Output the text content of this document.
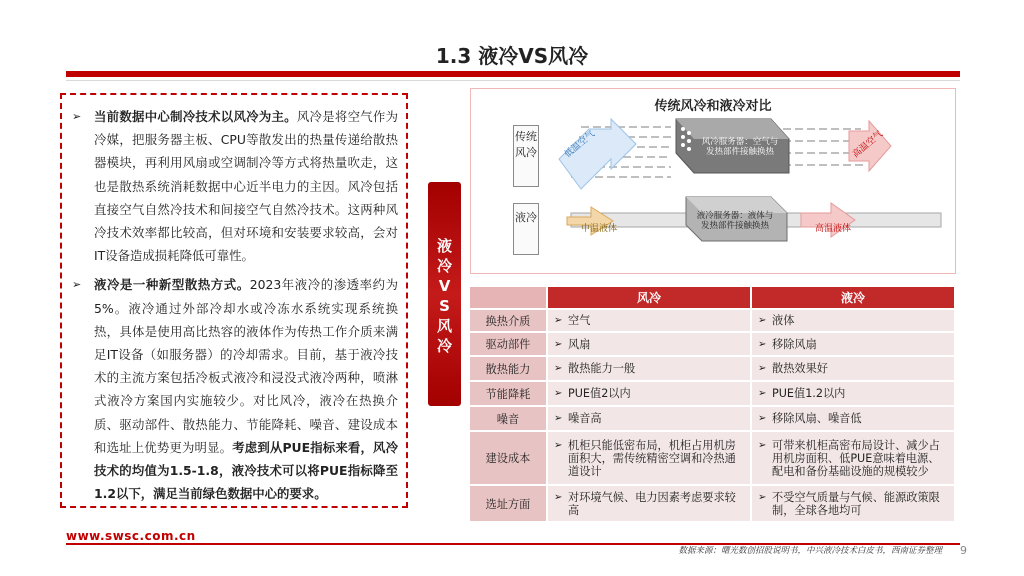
1.3 液冷VS风冷
➢ 当前数据中心制冷技术以风冷为主。风冷是将空气作为冷媒，把服务器主板、CPU等散发出的热量传递给散热器模块，再利用风扇或空调制冷等方式将热量吹走，这也是散热系统消耗数据中心近半电力的主因。风冷包括直接空气自然冷技术和间接空气自然冷技术。这两种风冷技术效率都比较高，但对环境和安装要求较高，会对IT设备造成损耗降低可靠性。
➢ 液冷是一种新型散热方式。2023年液冷的渗透率约为5%。液冷通过外部冷却水或冷冻水系统实现系统换热，具体是使用高比热容的液体作为传热工作介质来满足IT设备（如服务器）的冷却需求。目前，基于液冷技术的主流方案包括冷板式液冷和浸没式液冷两种，喷淋式液冷方案国内实施较少。对比风冷，液冷在热换介质、驱动部件、散热能力、节能降耗、噪音、建设成本和选址上优势更为明显。考虑到从PUE指标来看，风冷技术的均值为1.5-1.8，液冷技术可以将PUE指标降至1.2以下，满足当前绿色数据中心的要求。
液
冷
V
S
风
冷
传统风冷和液冷对比
传统风冷
液冷
低温空气	高温空气
风冷服务器：空气与发热部件接触换热
中温液体	高温液体
液冷服务器：液体与发热部件接触换热
	风冷	液冷
换热介质	➢ 空气	➢ 液体

驱动部件	➢ 风扇	➢ 移除风扇

散热能力	➢ 散热能力一般	➢ 散热效果好

节能降耗	➢ PUE值2以内	➢ PUE值1.2以内

噪音	➢ 噪音高	➢ 移除风扇、噪音低

建设成本	➢ 机柜只能低密布局，机柜占用机房面积大，需传统精密空调和冷热通道设计	➢ 可带来机柜高密布局设计、减少占用机房面积、低PUE意味着电源、配电和备份基础设施的规模较少

选址方面	➢ 对环境气候、电力因素考虑要求较高	➢ 不受空气质量与气候、能源政策限制，全球各地均可
www.swsc.com.cn
数据来源：曙光数创招股说明书，中兴液冷技术白皮书，西南证券整理 9
